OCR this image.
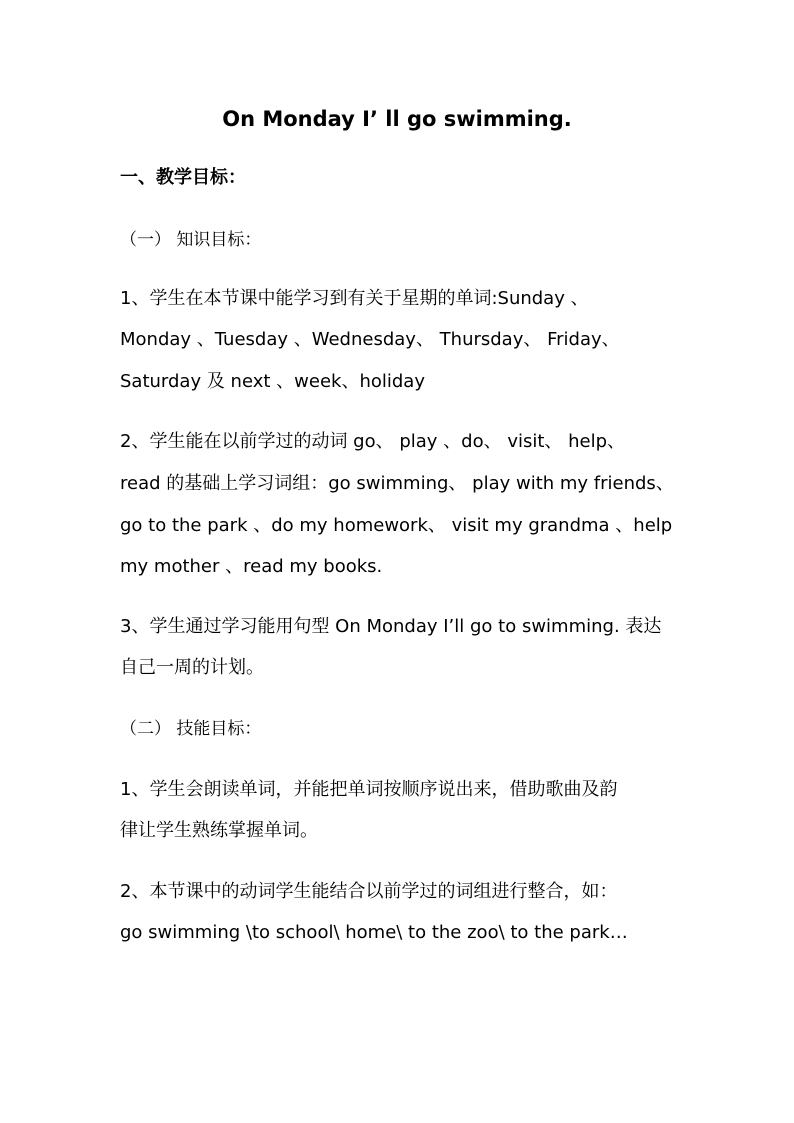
On Monday I’ ll go swimming.
一、教学目标：
（一） 知识目标：
1、学生在本节课中能学习到有关于星期的单词:Sunday 、
Monday 、Tuesday 、Wednesday、 Thursday、 Friday、
Saturday 及 next 、week、holiday
2、学生能在以前学过的动词 go、 play 、do、 visit、 help、
read 的基础上学习词组：go swimming、 play with my friends、
go to the park 、do my homework、 visit my grandma 、help
my mother 、read my books.
3、学生通过学习能用句型 On Monday I’ll go to swimming. 表达
自己一周的计划。
（二） 技能目标：
1、学生会朗读单词，并能把单词按顺序说出来，借助歌曲及韵
律让学生熟练掌握单词。
2、本节课中的动词学生能结合以前学过的词组进行整合，如：
go swimming \to school\ home\ to the zoo\ to the park…
